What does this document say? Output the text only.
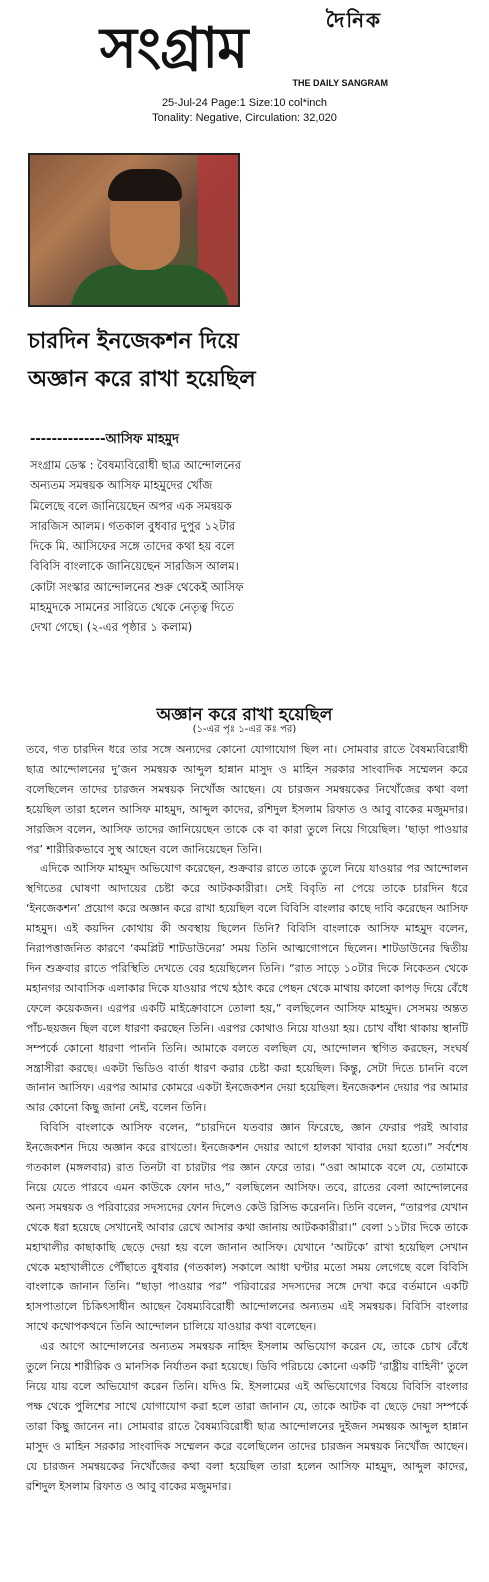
দৈনিক
সংগ্রাম
THE DAILY SANGRAM
25-Jul-24 Page:1 Size:10 col*inch
Tonality: Negative, Circulation: 32,020
চারদিন ইনজেকশন দিয়ে অজ্ঞান করে রাখা হয়েছিল
--------------আসিফ মাহমুদ
সংগ্রাম ডেস্ক : বৈষম্যবিরোধী ছাত্র আন্দোলনের অন্যতম সমন্বয়ক আসিফ মাহমুদের খোঁজ মিলেছে বলে জানিয়েছেন অপর এক সমন্বয়ক সারজিস আলম। গতকাল বুধবার দুপুর ১২টার দিকে মি. আসিফের সঙ্গে তাদের কথা হয় বলে বিবিসি বাংলাকে জানিয়েছেন সারজিস আলম। কোটা সংস্কার আন্দোলনের শুরু থেকেই আসিফ মাহমুদকে সামনের সারিতে থেকে নেতৃত্ব দিতে দেখা গেছে। (২-এর পৃষ্ঠার ১ কলাম)
অজ্ঞান করে রাখা হয়েছিল
(১-এর পৃঃ ১-এর কঃ পর)

তবে, গত চারদিন ধরে তার সঙ্গে অন্যদের কোনো যোগাযোগ ছিল না। সোমবার রাতে বৈষম্যবিরোধী ছাত্র আন্দোলনের দু’জন সমন্বয়ক আব্দুল হান্নান মাসুদ ও মাহিন সরকার সাংবাদিক সম্মেলন করে বলেছিলেন তাদের চারজন সমন্বয়ক নিখোঁজ আছেন। যে চারজন সমন্বয়কের নিখোঁজের কথা বলা হয়েছিল তারা হলেন আসিফ মাহমুদ, আব্দুল কাদের, রশিদুল ইসলাম রিফাত ও আবু বাকের মজুমদার। সারজিস বলেন, আসিফ তাদের জানিয়েছেন তাকে কে বা কারা তুলে নিয়ে গিয়েছিল। ‘ছাড়া পাওয়ার পর’ শারীরিকভাবে সুস্থ আছেন বলে জানিয়েছেন তিনি।

এদিকে আসিফ মাহমুদ অভিযোগ করেছেন, শুক্রবার রাতে তাকে তুলে নিয়ে যাওয়ার পর আন্দোলন স্থগিতের ঘোষণা আদায়ের চেষ্টা করে আটককারীরা। সেই বিবৃতি না পেয়ে তাকে চারদিন ধরে ‘ইনজেকশন’ প্রয়োগ করে অজ্ঞান করে রাখা হয়েছিল বলে বিবিসি বাংলার কাছে দাবি করেছেন আসিফ মাহমুদ। এই কয়দিন কোথায় কী অবস্থায় ছিলেন তিনি? বিবিসি বাংলাকে আসিফ মাহমুদ বলেন, নিরাপত্তাজনিত কারণে ‘কমপ্লিট শাটডাউনের’ সময় তিনি আত্মগোপনে ছিলেন। শাটডাউনের দ্বিতীয় দিন শুক্রবার রাতে পরিস্থিতি দেখতে বের হয়েছিলেন তিনি। “রাত সাড়ে ১০টার দিকে নিকেতন থেকে মহানগর আবাসিক এলাকার দিকে যাওয়ার পথে হঠাৎ করে পেছন থেকে মাথায় কালো কাপড় দিয়ে বেঁধে ফেলে কয়েকজন। এরপর একটি মাইক্রোবাসে তোলা হয়,” বলছিলেন আসিফ মাহমুদ। সেসময় অন্তত পাঁচ-ছয়জন ছিল বলে ধারণা করছেন তিনি। এরপর কোথাও নিয়ে যাওয়া হয়। চোখ বাঁধা থাকায় স্থানটি সম্পর্কে কোনো ধারণা পাননি তিনি। আমাকে বলতে বলছিল যে, আন্দোলন স্থগিত করছেন, সংঘর্ষ সন্ত্রাসীরা করছে। একটা ভিডিও বার্তা ধারণ করার চেষ্টা করা হয়েছিল। কিন্তু, সেটা দিতে চাননি বলে জানান আসিফ। এরপর আমার কোমরে একটা ইনজেকশন দেয়া হয়েছিল। ইনজেকশন দেয়ার পর আমার আর কোনো কিছু জানা নেই, বলেন তিনি।

বিবিসি বাংলাকে আসিফ বলেন, “চারদিনে যতবার জ্ঞান ফিরেছে, জ্ঞান ফেরার পরই আবার ইনজেকশন দিয়ে অজ্ঞান করে রাখতো। ইনজেকশন দেয়ার আগে হালকা খাবার দেয়া হতো।” সর্বশেষ গতকাল (মঙ্গলবার) রাত তিনটা বা চারটার পর জ্ঞান ফেরে তার। “ওরা আমাকে বলে যে, তোমাকে নিয়ে যেতে পারবে এমন কাউকে ফোন দাও,” বলছিলেন আসিফ। তবে, রাতের বেলা আন্দোলনের অন্য সমন্বয়ক ও পরিবারের সদস্যদের ফোন দিলেও কেউ রিসিভ করেননি। তিনি বলেন, “তারপর যেখান থেকে ধরা হয়েছে সেখানেই আবার রেখে আসার কথা জানায় আটককারীরা।” বেলা ১১টার দিকে তাকে মহাখালীর কাছাকাছি ছেড়ে দেয়া হয় বলে জানান আসিফ। যেখানে ‘আটকে’ রাখা হয়েছিল সেখান থেকে মহাখালীতে পৌঁছাতে বুধবার (গতকাল) সকালে আধা ঘণ্টার মতো সময় লেগেছে বলে বিবিসি বাংলাকে জানান তিনি। “ছাড়া পাওয়ার পর” পরিবারের সদস্যদের সঙ্গে দেখা করে বর্তমানে একটি হাসপাতালে চিকিৎসাধীন আছেন বৈষম্যবিরোধী আন্দোলনের অন্যতম এই সমন্বয়ক। বিবিসি বাংলার সাথে কথোপকথনে তিনি আন্দোলন চালিয়ে যাওয়ার কথা বলেছেন।

এর আগে আন্দোলনের অন্যতম সমন্বয়ক নাহিদ ইসলাম অভিযোগ করেন যে, তাকে চোখ বেঁধে তুলে নিয়ে শারীরিক ও মানসিক নির্যাতন করা হয়েছে। ডিবি পরিচয়ে কোনো একটি ‘রাষ্ট্রীয় বাহিনী’ তুলে নিয়ে যায় বলে অভিযোগ করেন তিনি। যদিও মি. ইসলামের এই অভিযোগের বিষয়ে বিবিসি বাংলার পক্ষ থেকে পুলিশের সাথে যোগাযোগ করা হলে তারা জানান যে, তাকে আটক বা ছেড়ে দেয়া সম্পর্কে তারা কিছু জানেন না। সোমবার রাতে বৈষম্যবিরোধী ছাত্র আন্দোলনের দুইজন সমন্বয়ক আব্দুল হান্নান মাসুদ ও মাহিন সরকার সাংবাদিক সম্মেলন করে বলেছিলেন তাদের চারজন সমন্বয়ক নিখোঁজ আছেন। যে চারজন সমন্বয়কের নিখোঁজের কথা বলা হয়েছিল তারা হলেন আসিফ মাহমুদ, আব্দুল কাদের, রশিদুল ইসলাম রিফাত ও আবু বাকের মজুমদার।
